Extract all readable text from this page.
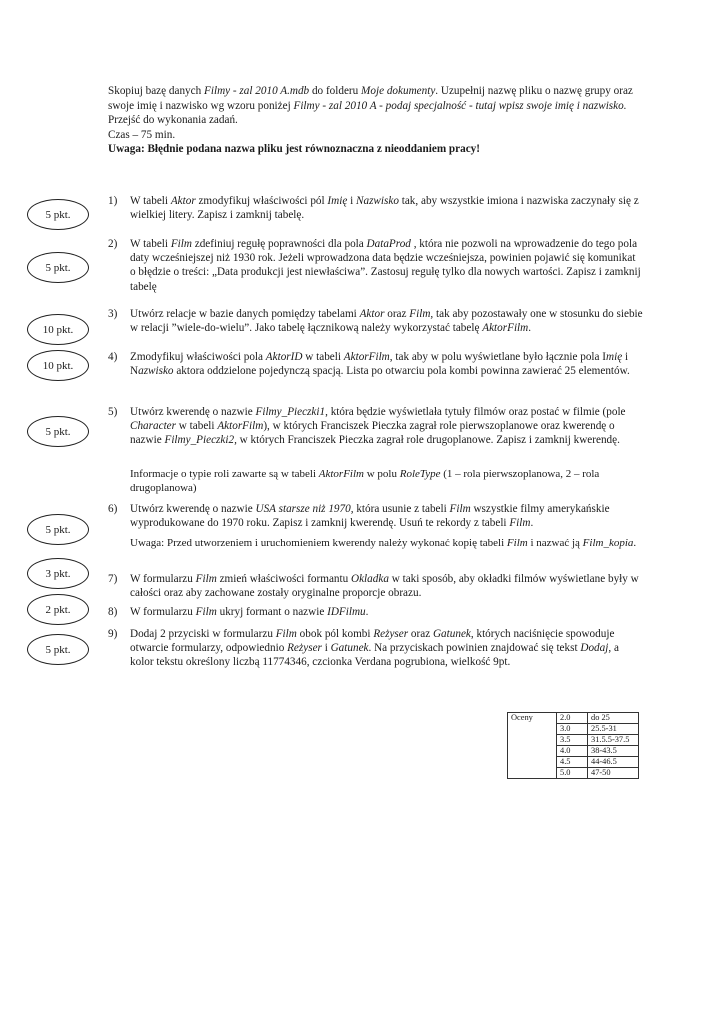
Skopiuj bazę danych Filmy - zal 2010 A.mdb do folderu Moje dokumenty. Uzupełnij nazwę pliku o nazwę grupy oraz swoje imię i nazwisko wg wzoru poniżej Filmy - zal 2010 A - podaj specjalność - tutaj wpisz swoje imię i nazwisko.

Przejść do wykonania zadań.

Czas – 75 min.

Uwaga: Błędnie podana nazwa pliku jest równoznaczna z nieoddaniem pracy!

5 pkt.
5 pkt.
10 pkt.
10 pkt.
5 pkt.
5 pkt.
3 pkt.
2 pkt.
5 pkt.
1) W tabeli Aktor zmodyfikuj właściwości pól Imię i Nazwisko tak, aby wszystkie imiona i nazwiska zaczynały się z wielkiej litery. Zapisz i zamknij tabelę.
2) W tabeli Film zdefiniuj regułę poprawności dla pola DataProd , która nie pozwoli na wprowadzenie do tego pola daty wcześniejszej niż 1930 rok. Jeżeli wprowadzona data będzie wcześniejsza, powinien pojawić się komunikat o błędzie o treści: „Data produkcji jest niewłaściwa”. Zastosuj regułę tylko dla nowych wartości. Zapisz i zamknij tabelę
3) Utwórz relacje w bazie danych pomiędzy tabelami Aktor oraz Film, tak aby pozostawały one w stosunku do siebie w relacji ”wiele-do-wielu”. Jako tabelę łącznikową należy wykorzystać tabelę AktorFilm.
4) Zmodyfikuj właściwości pola AktorID w tabeli AktorFilm, tak aby w polu wyświetlane było łącznie pola Imię i Nazwisko aktora oddzielone pojedynczą spacją. Lista po otwarciu pola kombi powinna zawierać 25 elementów.
5) Utwórz kwerendę o nazwie Filmy_Pieczki1, która będzie wyświetlała tytuły filmów oraz postać w filmie (pole Character w tabeli AktorFilm), w których Franciszek Pieczka zagrał role pierwszoplanowe oraz kwerendę o nazwie Filmy_Pieczki2, w których Franciszek Pieczka zagrał role drugoplanowe. Zapisz i zamknij kwerendę.
Informacje o typie roli zawarte są w tabeli AktorFilm w polu RoleType (1 – rola pierwszoplanowa, 2 – rola drugoplanowa)
6) Utwórz kwerendę o nazwie USA starsze niż 1970, która usunie z tabeli Film wszystkie filmy amerykańskie wyprodukowane do 1970 roku. Zapisz i zamknij kwerendę. Usuń te rekordy z tabeli Film.
Uwaga: Przed utworzeniem i uruchomieniem kwerendy należy wykonać kopię tabeli Film i nazwać ją Film_kopia.
7) W formularzu Film zmień właściwości formantu Okladka w taki sposób, aby okładki filmów wyświetlane były w całości oraz aby zachowane zostały oryginalne proporcje obrazu.
8) W formularzu Film ukryj formant o nazwie IDFilmu.
9) Dodaj 2 przyciski w formularzu Film obok pól kombi Reżyser oraz Gatunek, których naciśnięcie spowoduje otwarcie formularzy, odpowiednio Reżyser i Gatunek. Na przyciskach powinien znajdować się tekst Dodaj, a kolor tekstu określony liczbą 11774346, czcionka Verdana pogrubiona, wielkość 9pt.
Oceny	2.0	do 25
	3.0	25.5-31
	3.5	31.5.5-37.5
	4.0	38-43.5
	4.5	44-46.5
	5.0	47-50
